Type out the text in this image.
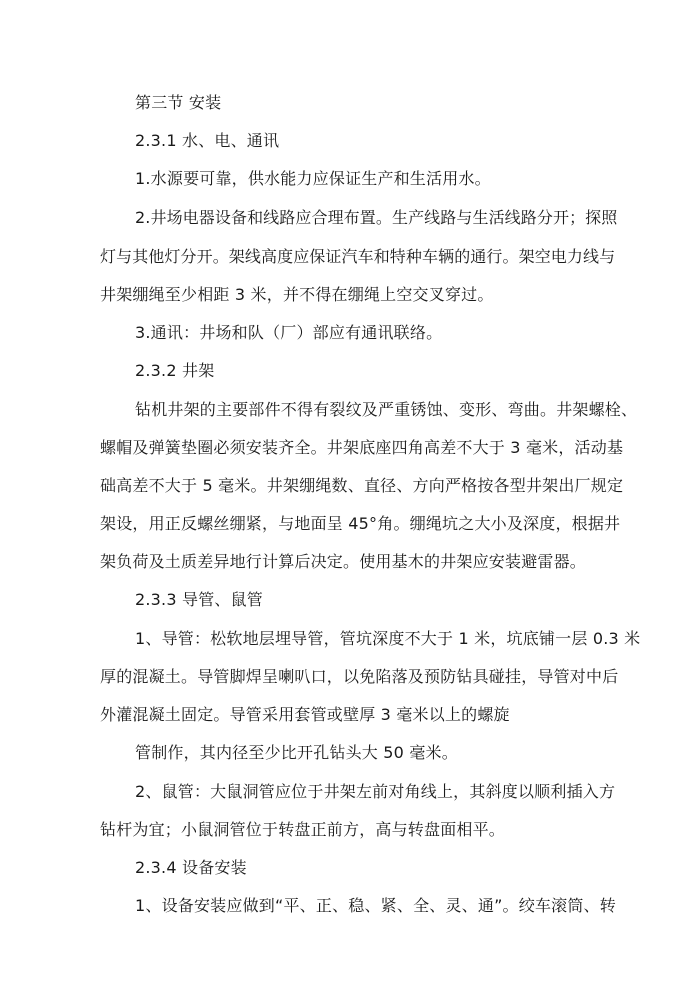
第三节 安装
2.3.1 水、电、通讯
1.水源要可靠，供水能力应保证生产和生活用水。
2.井场电器设备和线路应合理布置。生产线路与生活线路分开；探照
灯与其他灯分开。架线高度应保证汽车和特种车辆的通行。架空电力线与
井架绷绳至少相距 3 米，并不得在绷绳上空交叉穿过。
3.通讯：井场和队（厂）部应有通讯联络。
2.3.2 井架
钻机井架的主要部件不得有裂纹及严重锈蚀、变形、弯曲。井架螺栓、
螺帽及弹簧垫圈必须安装齐全。井架底座四角高差不大于 3 毫米，活动基
础高差不大于 5 毫米。井架绷绳数、直径、方向严格按各型井架出厂规定
架设，用正反螺丝绷紧，与地面呈 45°角。绷绳坑之大小及深度，根据井
架负荷及土质差异地行计算后决定。使用基木的井架应安装避雷器。
2.3.3 导管、鼠管
1、导管：松软地层埋导管，管坑深度不大于 1 米，坑底铺一层 0.3 米
厚的混凝土。导管脚焊呈喇叭口，以免陷落及预防钻具碰挂，导管对中后
外灌混凝土固定。导管采用套管或壁厚 3 毫米以上的螺旋
管制作，其内径至少比开孔钻头大 50 毫米。
2、鼠管：大鼠洞管应位于井架左前对角线上，其斜度以顺利插入方
钻杆为宜；小鼠洞管位于转盘正前方，高与转盘面相平。
2.3.4 设备安装
1、设备安装应做到“平、正、稳、紧、全、灵、通”。绞车滚筒、转
